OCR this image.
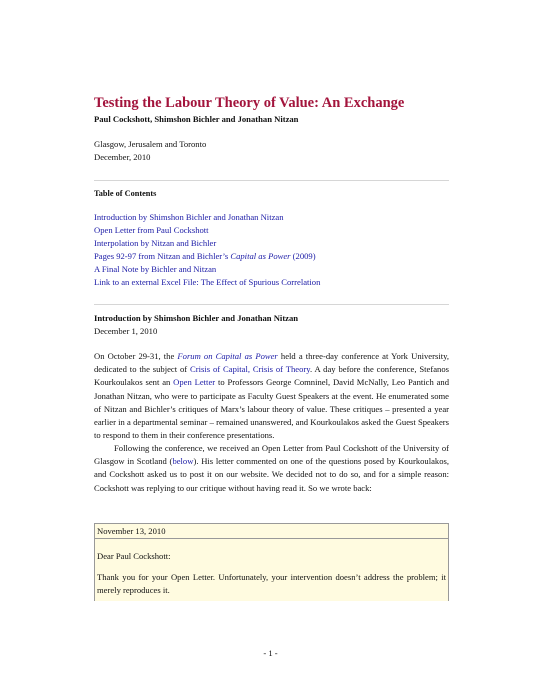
Testing the Labour Theory of Value: An Exchange
Paul Cockshott, Shimshon Bichler and Jonathan Nitzan
Glasgow, Jerusalem and Toronto
December, 2010
Table of Contents
Introduction by Shimshon Bichler and Jonathan Nitzan
Open Letter from Paul Cockshott
Interpolation by Nitzan and Bichler
Pages 92-97 from Nitzan and Bichler’s Capital as Power (2009)
A Final Note by Bichler and Nitzan
Link to an external Excel File: The Effect of Spurious Correlation
Introduction by Shimshon Bichler and Jonathan Nitzan
December 1, 2010

On October 29-31, the Forum on Capital as Power held a three-day conference at York University, dedicated to the subject of Crisis of Capital, Crisis of Theory. A day before the conference, Stefanos Kourkoulakos sent an Open Letter to Professors George Comninel, David McNally, Leo Pantich and Jonathan Nitzan, who were to participate as Faculty Guest Speakers at the event. He enumerated some of Nitzan and Bichler’s critiques of Marx’s labour theory of value. These critiques – presented a year earlier in a departmental seminar – remained unanswered, and Kourkoulakos asked the Guest Speakers to respond to them in their conference presentations.

Following the conference, we received an Open Letter from Paul Cockshott of the University of Glasgow in Scotland (below). His letter commented on one of the questions posed by Kourkoulakos, and Cockshott asked us to post it on our website. We decided not to do so, and for a simple reason: Cockshott was replying to our critique without having read it. So we wrote back:

November 13, 2010
Dear Paul Cockshott:

Thank you for your Open Letter. Unfortunately, your intervention doesn’t address the problem; it merely reproduces it.

- 1 -
